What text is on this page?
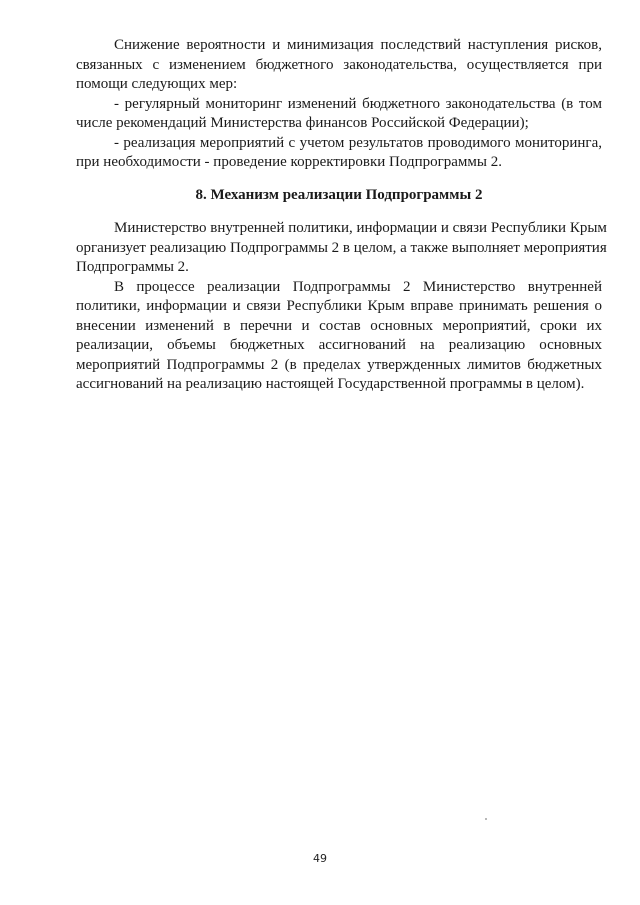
Снижение вероятности и минимизация последствий наступления рисков,
связанных с изменением бюджетного законодательства, осуществляется при
помощи следующих мер:
- регулярный мониторинг изменений бюджетного законодательства (в том
числе рекомендаций Министерства финансов Российской Федерации);
- реализация мероприятий с учетом результатов проводимого мониторинга,
при необходимости - проведение корректировки Подпрограммы 2.
8. Механизм реализации Подпрограммы 2
Министерство внутренней политики, информации и связи Республики Крым
организует реализацию Подпрограммы 2 в целом, а также выполняет мероприятия
Подпрограммы 2.
В процессе реализации Подпрограммы 2 Министерство внутренней
политики, информации и связи Республики Крым вправе принимать решения о
внесении изменений в перечни и состав основных мероприятий, сроки их
реализации, объемы бюджетных ассигнований на реализацию основных
мероприятий Подпрограммы 2 (в пределах утвержденных лимитов бюджетных
ассигнований на реализацию настоящей Государственной программы в целом).
49
